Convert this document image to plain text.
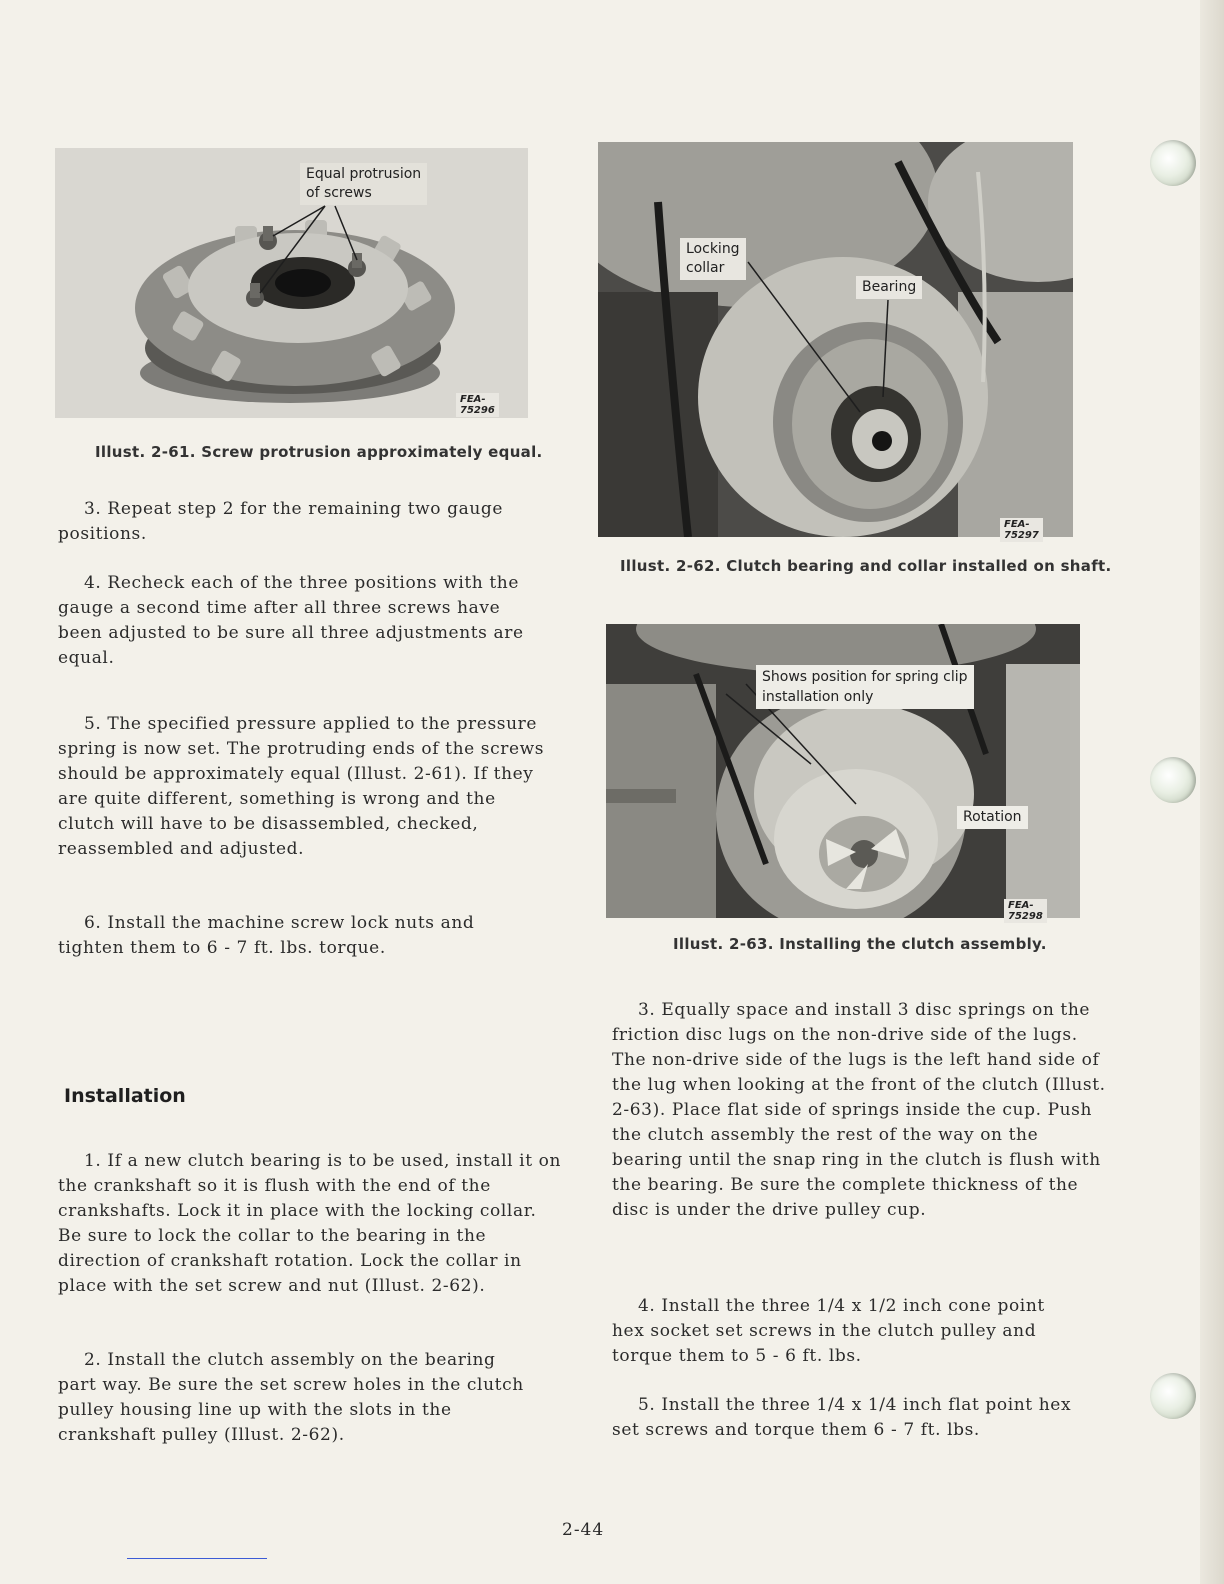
Equal protrusion
of screws
FEA-75296
Illust. 2-61. Screw protrusion approximately equal.
Locking collar
Bearing
FEA-75297
Illust. 2-62. Clutch bearing and collar installed on shaft.
Shows position for spring clip
installation only
Rotation
FEA-75298
Illust. 2-63. Installing the clutch assembly.

3. Repeat step 2 for the remaining two gauge positions.

4. Recheck each of the three positions with the gauge a second time after all three screws have been adjusted to be sure all three adjustments are equal.

5. The specified pressure applied to the pressure spring is now set. The protruding ends of the screws should be approximately equal (Illust. 2-61). If they are quite different, something is wrong and the clutch will have to be disassembled, checked, reassembled and adjusted.

6. Install the machine screw lock nuts and tighten them to 6 - 7 ft. lbs. torque.

Installation

1. If a new clutch bearing is to be used, install it on the crankshaft so it is flush with the end of the crankshafts. Lock it in place with the locking collar. Be sure to lock the collar to the bearing in the direction of crankshaft rotation. Lock the collar in place with the set screw and nut (Illust. 2-62).

2. Install the clutch assembly on the bearing part way. Be sure the set screw holes in the clutch pulley housing line up with the slots in the crankshaft pulley (Illust. 2-62).

3. Equally space and install 3 disc springs on the friction disc lugs on the non-drive side of the lugs. The non-drive side of the lugs is the left hand side of the lug when looking at the front of the clutch (Illust. 2-63). Place flat side of springs inside the cup. Push the clutch assembly the rest of the way on the bearing until the snap ring in the clutch is flush with the bearing. Be sure the complete thickness of the disc is under the drive pulley cup.

4. Install the three 1/4 x 1/2 inch cone point hex socket set screws in the clutch pulley and torque them to 5 - 6 ft. lbs.

5. Install the three 1/4 x 1/4 inch flat point hex set screws and torque them 6 - 7 ft. lbs.

2-44
